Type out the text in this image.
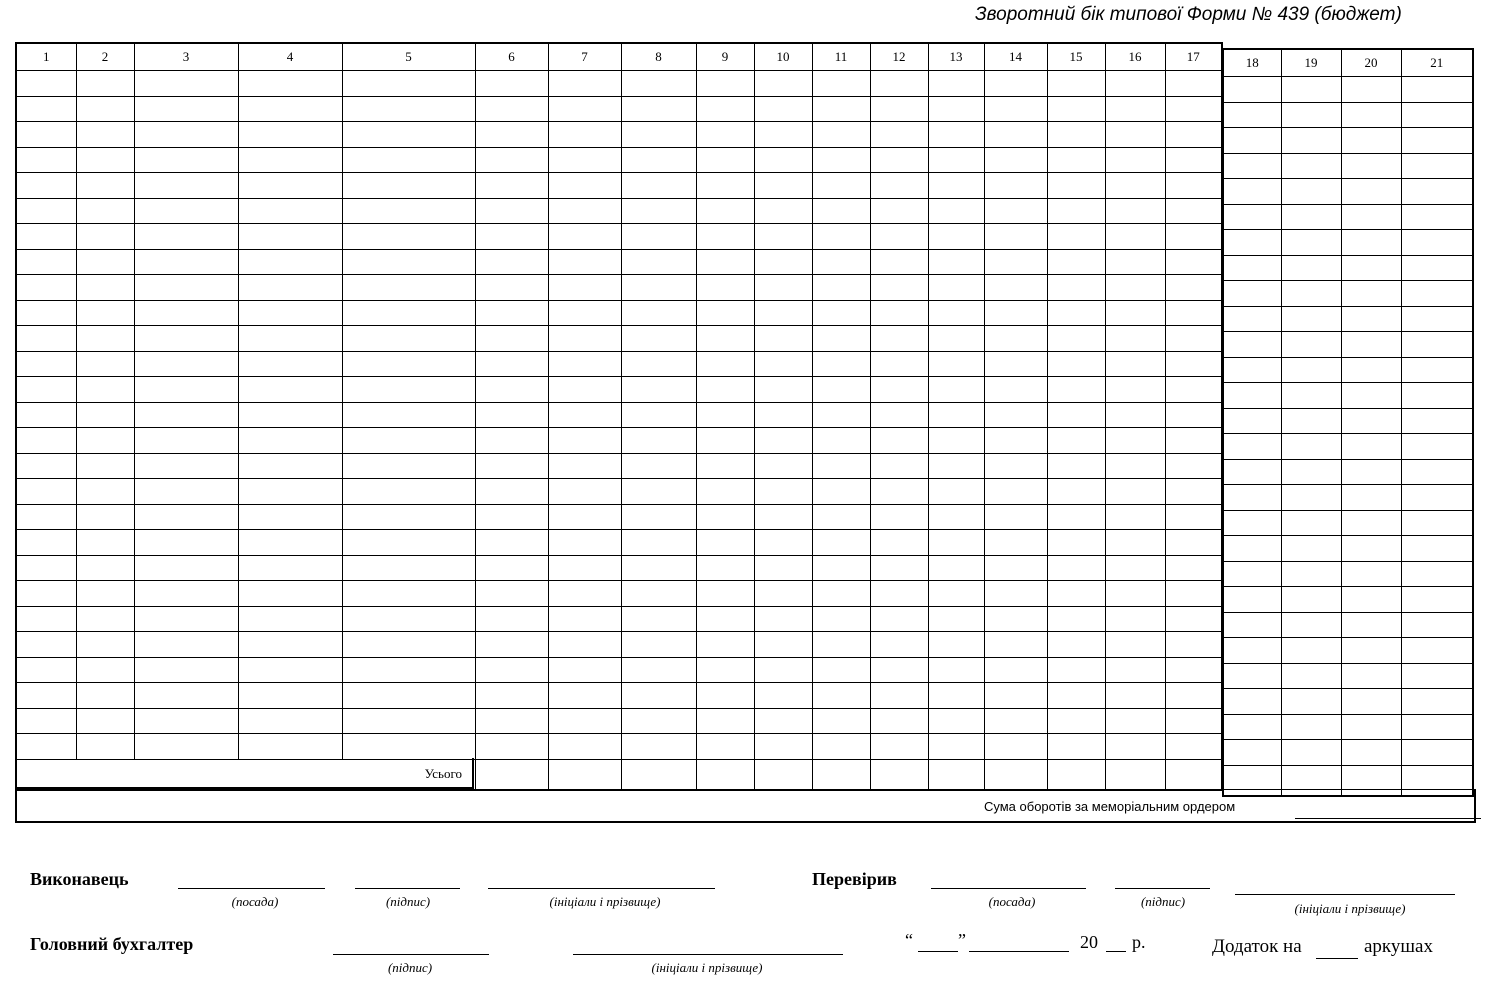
Зворотний бік типової Форми № 439 (бюджет)
1	2	3	4	5	6	7	8	9	10	11	12	13	14	15	16	17

												18	19	20	21

Усього
Сума оборотів за меморіальним ордером
Виконавець
(посада)	(підпис)	(ініціали і прізвище)
Перевірив
(посада)	(підпис)	(ініціали і прізвище)
Головний бухгалтер
(підпис)	(ініціали і прізвище)
“	”	20 р.	Додаток на	аркушах
